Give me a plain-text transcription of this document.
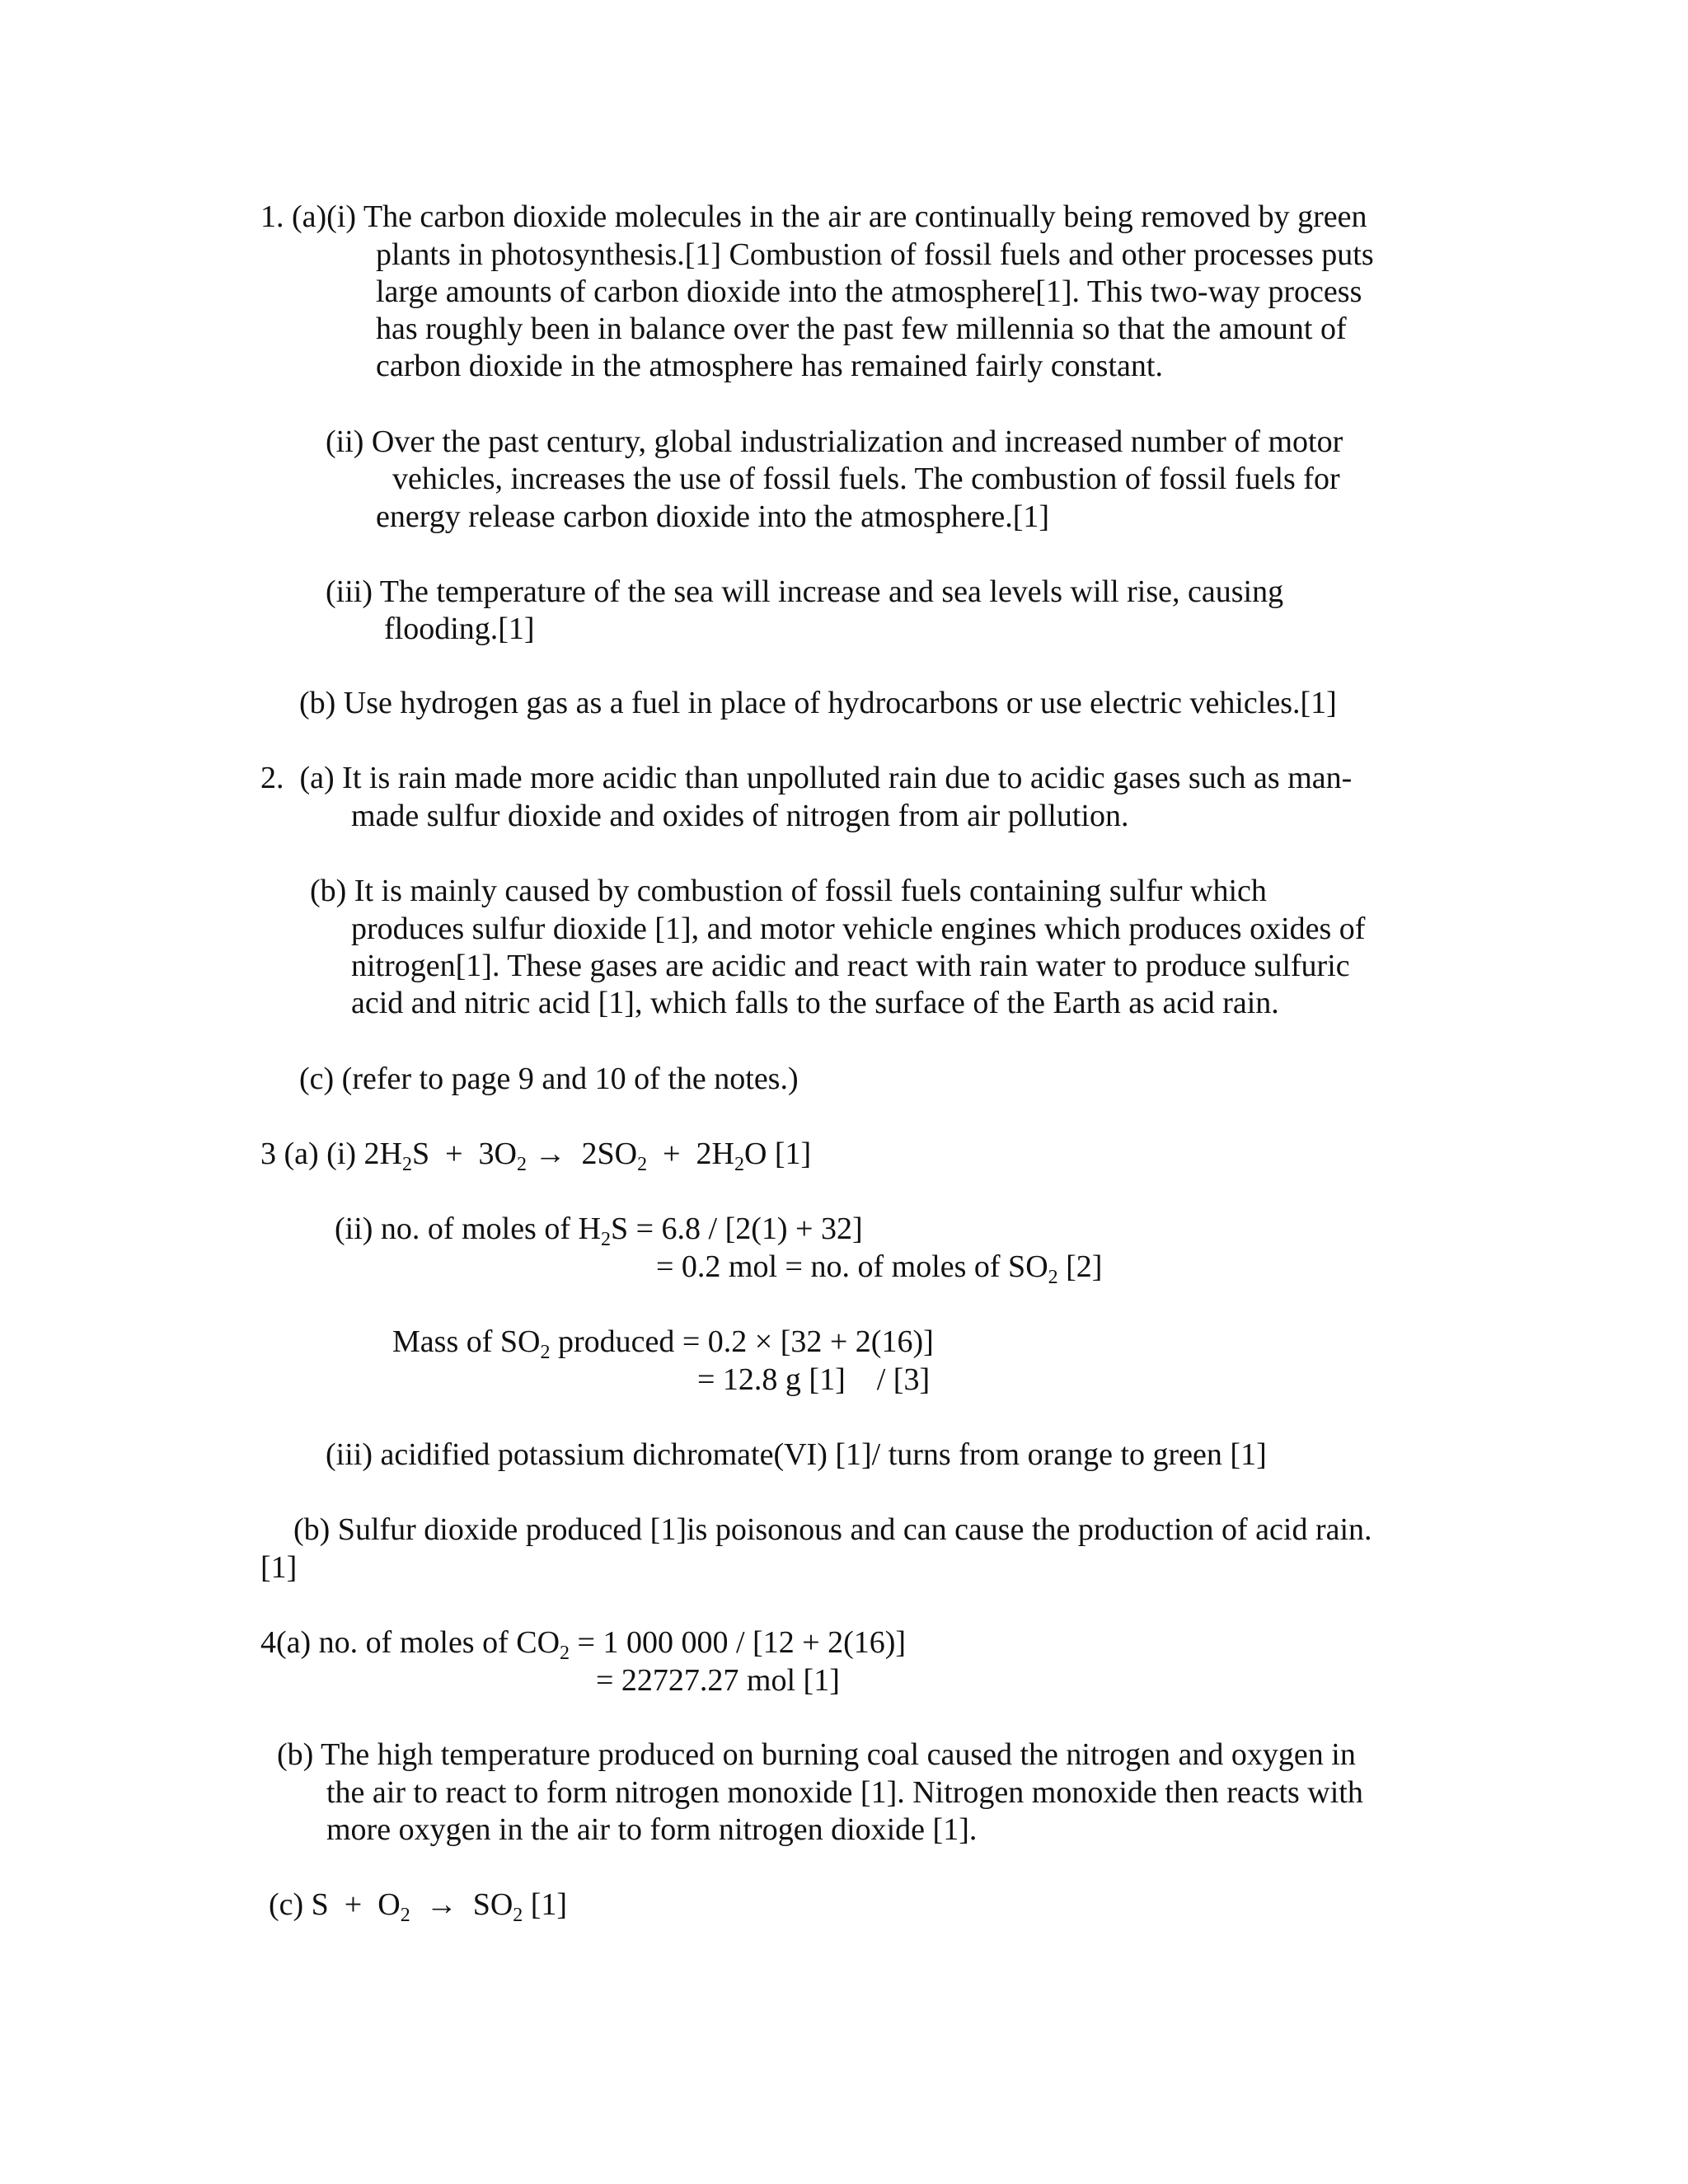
1. (a)(i) The carbon dioxide molecules in the air are continually being removed by green

plants in photosynthesis.[1] Combustion of fossil fuels and other processes puts

large amounts of carbon dioxide into the atmosphere[1]. This two-way process

has roughly been in balance over the past few millennia so that the amount of

carbon dioxide in the atmosphere has remained fairly constant.

(ii) Over the past century, global industrialization and increased number of motor

vehicles, increases the use of fossil fuels. The combustion of fossil fuels for

energy release carbon dioxide into the atmosphere.[1]

(iii) The temperature of the sea will increase and sea levels will rise, causing

flooding.[1]

(b) Use hydrogen gas as a fuel in place of hydrocarbons or use electric vehicles.[1]

2.  (a) It is rain made more acidic than unpolluted rain due to acidic gases such as man-

made sulfur dioxide and oxides of nitrogen from air pollution.

(b) It is mainly caused by combustion of fossil fuels containing sulfur which

produces sulfur dioxide [1], and motor vehicle engines which produces oxides of

nitrogen[1]. These gases are acidic and react with rain water to produce sulfuric

acid and nitric acid [1], which falls to the surface of the Earth as acid rain.

(c) (refer to page 9 and 10 of the notes.)

3 (a) (i) $2H_2S + 3O_2 \to 2SO_2 + 2H_2O$ [1]

(ii) no. of moles of $H_2S = 6.8 / [2(1) + 32]$

= 0.2 mol = no. of moles of $SO_2$ [2]

Mass of $SO_2$ produced = 0.2 × [32 + 2(16)]

= 12.8 g [1]    / [3]

(iii) acidified potassium dichromate(VI) [1]/ turns from orange to green [1]

(b) Sulfur dioxide produced [1]is poisonous and can cause the production of acid rain.

[1]

4(a) no. of moles of $CO_2 = 1$ 000 000 / [12 + 2(16)]

= 22727.27 mol [1]

(b) The high temperature produced on burning coal caused the nitrogen and oxygen in

the air to react to form nitrogen monoxide [1]. Nitrogen monoxide then reacts with

more oxygen in the air to form nitrogen dioxide [1].

(c) $S + O_2 \to SO_2$ [1]
